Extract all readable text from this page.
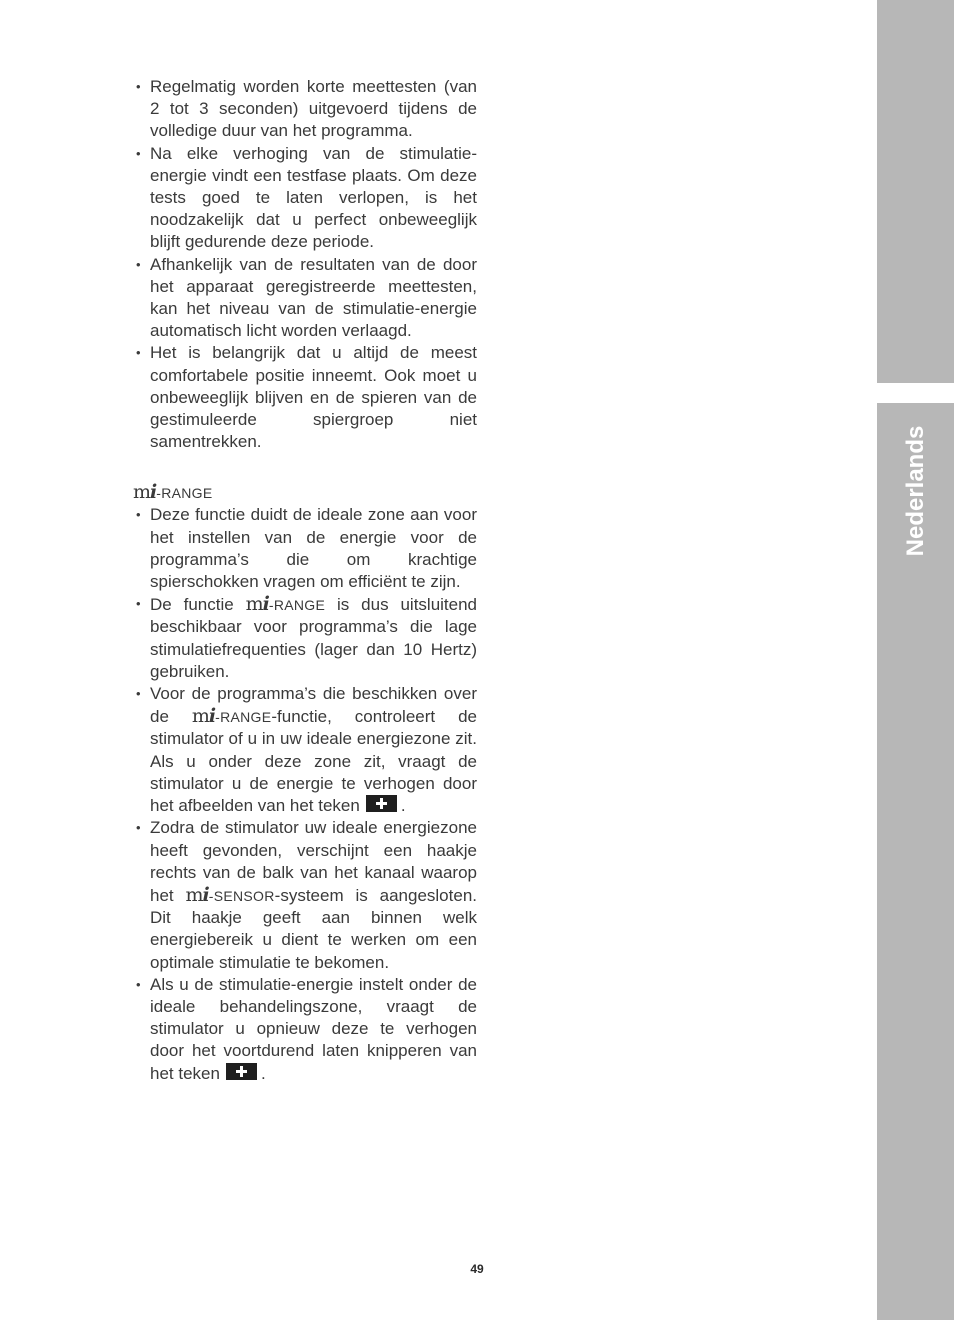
Nederlands
• Regelmatig worden korte meettesten (van 2 tot 3 seconden) uitgevoerd tijdens de volledige duur van het programma.
• Na elke verhoging van de stimulatie-energie vindt een testfase plaats. Om deze tests goed te laten verlopen, is het noodzakelijk dat u perfect onbeweeglijk blijft gedurende deze periode.
• Afhankelijk van de resultaten van de door het apparaat geregistreerde meettesten, kan het niveau van de stimulatie-energie automatisch licht worden verlaagd.
• Het is belangrijk dat u altijd de meest comfortabele positie inneemt. Ook moet u onbeweeglijk blijven en de spieren van de gestimuleerde spiergroep niet samentrekken.
mi-RANGE
• Deze functie duidt de ideale zone aan voor het instellen van de energie voor de programma’s die om krachtige spierschokken vragen om efficiënt te zijn.
• De functie mi-RANGE is dus uitsluitend beschikbaar voor programma’s die lage stimulatiefrequenties (lager dan 10 Hertz) gebruiken.
• Voor de programma’s die beschikken over de mi-RANGE-functie, controleert de stimulator of u in uw ideale energiezone zit. Als u onder deze zone zit, vraagt de stimulator u de energie te verhogen door het afbeelden van het teken .
• Zodra de stimulator uw ideale energiezone heeft gevonden, verschijnt een haakje rechts van de balk van het kanaal waarop het mi-SENSOR-systeem is aangesloten. Dit haakje geeft aan binnen welk energiebereik u dient te werken om een optimale stimulatie te bekomen.
• Als u de stimulatie-energie instelt onder de ideale behandelingszone, vraagt de stimulator u opnieuw deze te verhogen door het voortdurend laten knipperen van het teken .
49
